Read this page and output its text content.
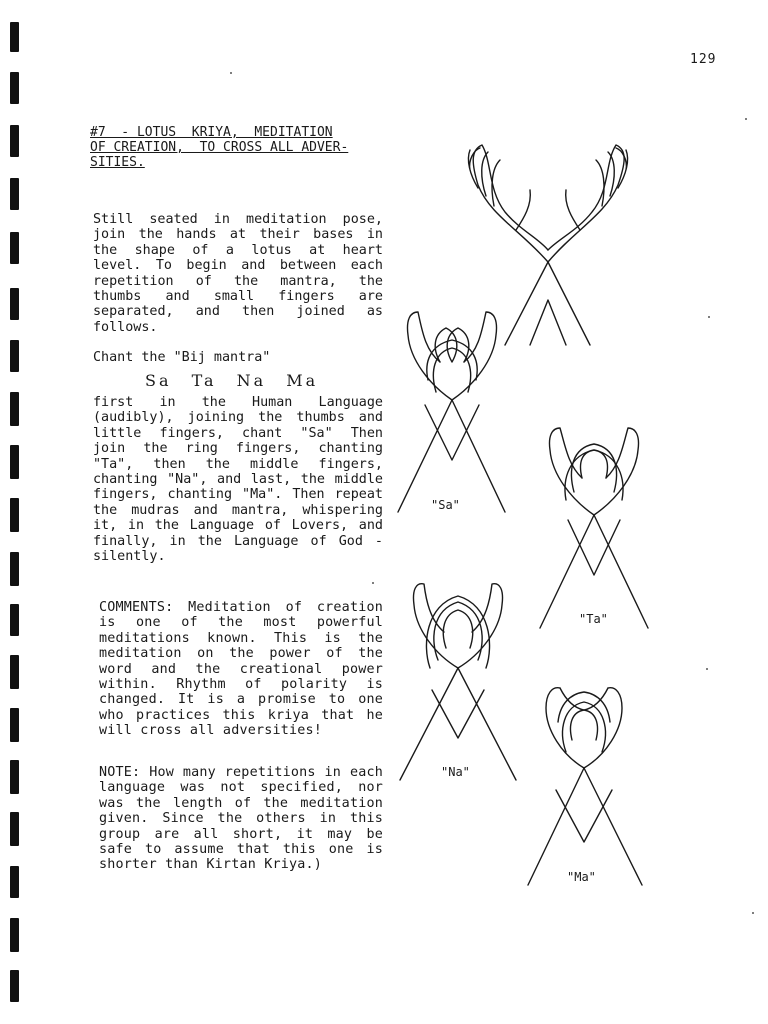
129
#7  - LOTUS  KRIYA,  MEDITATION
OF CREATION,  TO CROSS ALL ADVER-
SITIES.

Still seated in meditation pose, join the hands at their bases in the shape of a lotus at heart level. To begin and between each repetition of the mantra, the thumbs and small fingers are separated, and then joined as follows.

Chant the "Bij mantra"
Sa Ta Na Ma

first in the Human Language (audibly), joining the thumbs and little fingers, chant "Sa" Then join the ring fingers, chanting "Ta", then the middle fingers, chanting "Na", and last, the middle fingers, chanting "Ma". Then repeat the mudras and mantra, whispering it, in the Language of Lovers, and finally, in the Language of God - silently.

COMMENTS: Meditation of creation is one of the most powerful meditations known. This is the meditation on the power of the word and the creational power within. Rhythm of polarity is changed. It is a promise to one who practices this kriya that he will cross all adversities!

NOTE: How many repetitions in each language was not specified, nor was the length of the meditation given. Since the others in this group are all short, it may be safe to assume that this one is shorter than Kirtan Kriya.)

"Sa"
"Ta"
"Na"
"Ma"
